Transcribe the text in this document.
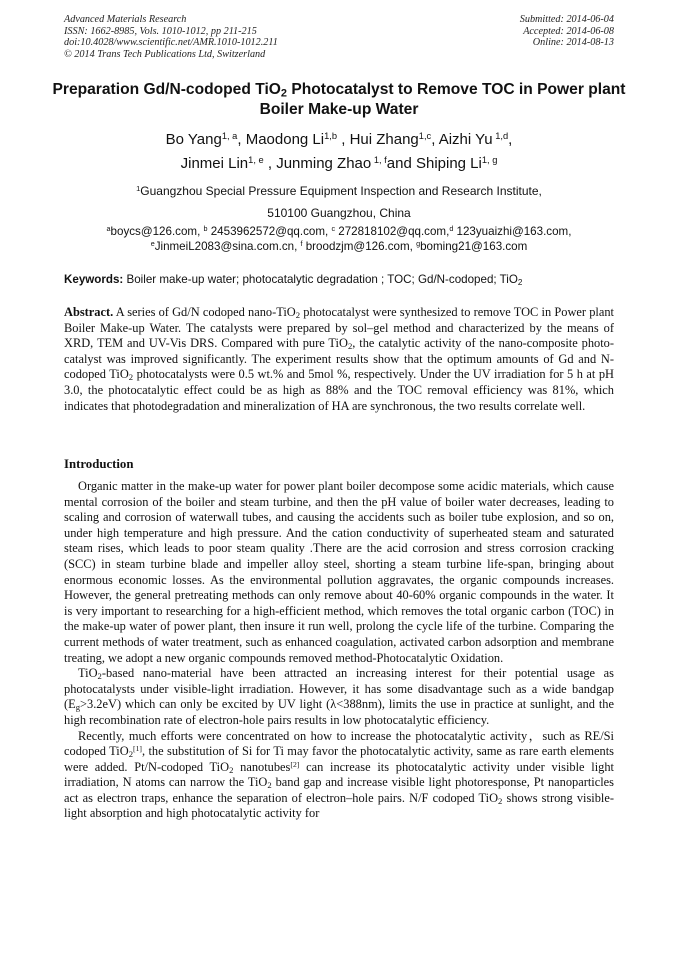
Advanced Materials Research
ISSN: 1662-8985, Vols. 1010-1012, pp 211-215
doi:10.4028/www.scientific.net/AMR.1010-1012.211
© 2014 Trans Tech Publications Ltd, Switzerland
Submitted: 2014-06-04
Accepted: 2014-06-08
Online: 2014-08-13
Preparation Gd/N-codoped TiO$_2$ Photocatalyst to Remove TOC in Power plant Boiler Make-up Water
Bo Yang$^{1, a}$, Maodong Li$^{1,b}$ , Hui Zhang$^{1,c}$, Aizhi Yu $^{1,d}$,
Jinmei Lin$^{1, e}$ , Junming Zhao $^{1, f}$and Shiping Li$^{1, g}$
$^1$Guangzhou Special Pressure Equipment Inspection and Research Institute,
510100 Guangzhou, China
$^a$boycs@126.com, $^b$ 2453962572@qq.com, $^c$ 272818102@qq.com,$^d$ 123yuaizhi@163.com,
$^e$JinmeiL2083@sina.com.cn, $^f$ broodzjm@126.com, $^g$boming21@163.com
Keywords: Boiler make-up water; photocatalytic degradation ; TOC; Gd/N-codoped; TiO$_2$
Abstract. A series of Gd/N codoped nano-TiO$_2$ photocatalyst were synthesized to remove TOC in Power plant Boiler Make-up Water. The catalysts were prepared by sol–gel method and characterized by the means of XRD, TEM and UV-Vis DRS. Compared with pure TiO$_2$, the catalytic activity of the nano-composite photo-catalyst was improved significantly. The experiment results show that the optimum amounts of Gd and N-codoped TiO$_2$ photocatalysts were 0.5 wt.% and 5mol %, respectively. Under the UV irradiation for 5 h at pH 3.0, the photocatalytic effect could be as high as 88% and the TOC removal efficiency was 81%, which indicates that photodegradation and mineralization of HA are synchronous, the two results correlate well.
Introduction

Organic matter in the make-up water for power plant boiler decompose some acidic materials, which cause mental corrosion of the boiler and steam turbine, and then the pH value of boiler water decreases, leading to scaling and corrosion of waterwall tubes, and causing the accidents such as boiler tube explosion, and so on, under high temperature and high pressure. And the cation conductivity of superheated steam and saturated steam rises, which leads to poor steam quality .There are the acid corrosion and stress corrosion cracking (SCC) in steam turbine blade and impeller alloy steel, shorting a steam turbine life-span, bringing about enormous economic losses. As the environmental pollution aggravates, the organic compounds increases. However, the general pretreating methods can only remove about 40-60% organic compounds in the water. It is very important to researching for a high-efficient method, which removes the total organic carbon (TOC) in the make-up water of power plant, then insure it run well, prolong the cycle life of the turbine. Comparing the current methods of water treatment, such as enhanced coagulation, activated carbon adsorption and membrane treating, we adopt a new organic compounds removed method-Photocatalytic Oxidation.

TiO$_2$-based nano-material have been attracted an increasing interest for their potential usage as photocatalysts under visible-light irradiation. However, it has some disadvantage such as a wide bandgap $(E_g>3.2eV)$ which can only be excited by UV light (λ<388nm), limits the use in practice at sunlight, and the high recombination rate of electron-hole pairs results in low photocatalytic efficiency.

Recently, much efforts were concentrated on how to increase the photocatalytic activity，such as RE/Si codoped TiO$_2$[1], the substitution of Si for Ti may favor the photocatalytic activity, same as rare earth elements were added. Pt/N-codoped TiO$_2$ nanotubes[2] can increase its photocatalytic activity under visible light irradiation, N atoms can narrow the TiO$_2$ band gap and increase visible light photoresponse, Pt nanoparticles act as electron traps, enhance the separation of electron–hole pairs. N/F codoped TiO$_2$ shows strong visible-light absorption and high photocatalytic activity for
